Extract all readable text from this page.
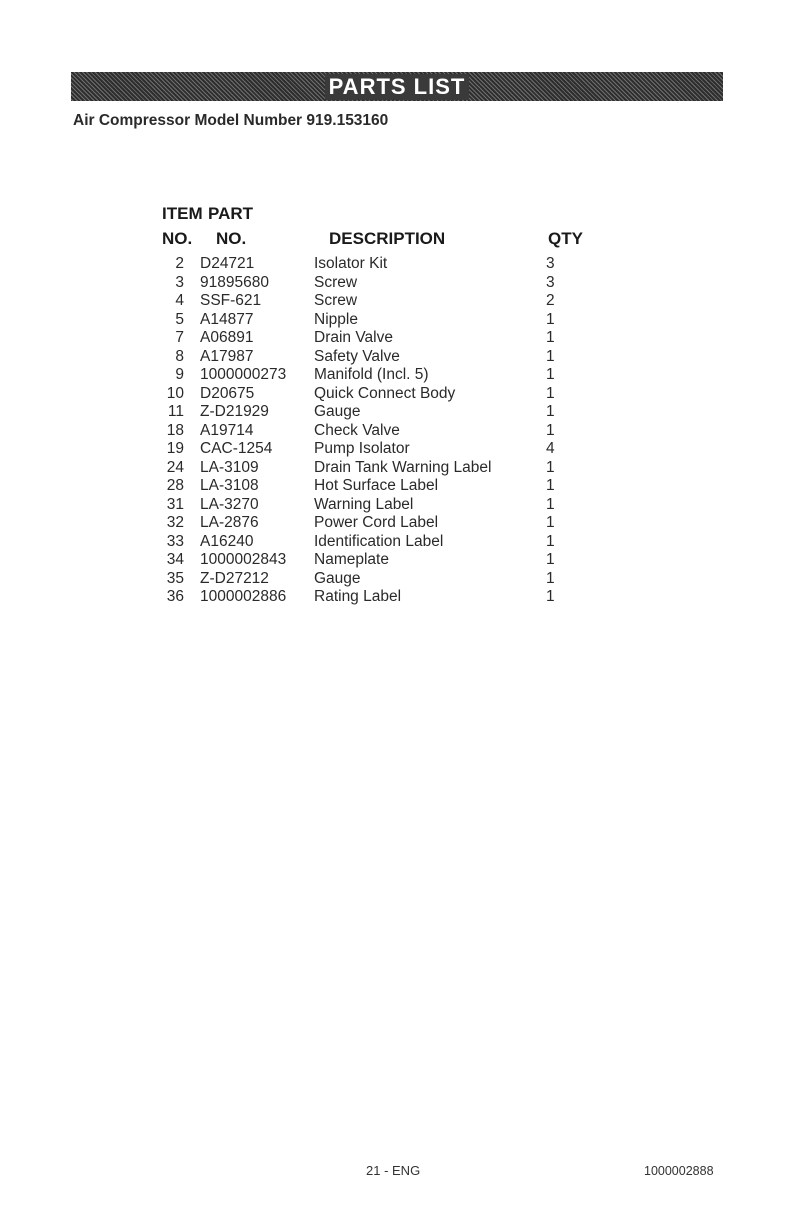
PARTS LIST
Air Compressor Model Number 919.153160
ITEM PART
NO. NO.	DESCRIPTION	QTY
2	D24721	Isolator Kit	3
3	91895680	Screw	3
4	SSF-621	Screw	2
5	A14877	Nipple	1
7	A06891	Drain Valve	1
8	A17987	Safety Valve	1
9	1000000273	Manifold (Incl. 5)	1
10	D20675	Quick Connect Body	1
11	Z-D21929	Gauge	1
18	A19714	Check Valve	1
19	CAC-1254	Pump Isolator	4
24	LA-3109	Drain Tank Warning Label	1
28	LA-3108	Hot Surface Label	1
31	LA-3270	Warning Label	1
32	LA-2876	Power Cord Label	1
33	A16240	Identification Label	1
34	1000002843	Nameplate	1
35	Z-D27212	Gauge	1
36	1000002886	Rating Label	1
21 - ENG	1000002888
